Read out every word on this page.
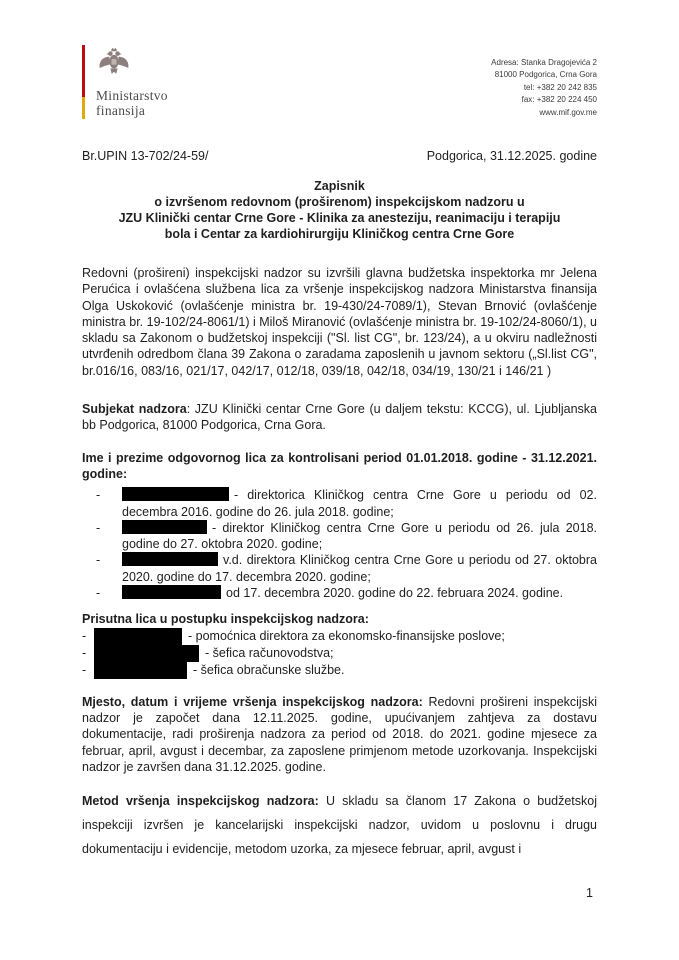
Ministarstvo
finansija
Adresa: Stanka Dragojevića 2
81000 Podgorica, Crna Gora
tel: +382 20 242 835
fax: +382 20 224 450
www.mif.gov.me
Br.UPIN 13-702/24-59/	Podgorica, 31.12.2025. godine
Zapisnik
o izvršenom redovnom (proširenom) inspekcijskom nadzoru u
JZU Klinički centar Crne Gore - Klinika za anesteziju, reanimaciju i terapiju
bola i Centar za kardiohirurgiju Kliničkog centra Crne Gore
Redovni (prošireni) inspekcijski nadzor su izvršili glavna budžetska inspektorka mr Jelena Perućica i ovlašćena službena lica za vršenje inspekcijskog nadzora Ministarstva finansija Olga Uskoković (ovlašćenje ministra br. 19-430/24-7089/1), Stevan Brnović (ovlašćenje ministra br. 19-102/24-8061/1) i Miloš Miranović (ovlašćenje ministra br. 19-102/24-8060/1), u skladu sa Zakonom o budžetskoj inspekciji ("Sl. list CG", br. 123/24), a u okviru nadležnosti utvrđenih odredbom člana 39 Zakona o zaradama zaposlenih u javnom sektoru („Sl.list CG", br.016/16, 083/16, 021/17, 042/17, 012/18, 039/18, 042/18, 034/19, 130/21 i 146/21 )
Subjekat nadzora: JZU Klinički centar Crne Gore (u daljem tekstu: KCCG), ul. Ljubljanska bb Podgorica, 81000 Podgorica, Crna Gora.
Ime i prezime odgovornog lica za kontrolisani period 01.01.2018. godine - 31.12.2021. godine:
-	- direktorica Kliničkog centra Crne Gore u periodu od 02. decembra 2016. godine do 26. jula 2018. godine;
-	- direktor Kliničkog centra Crne Gore u periodu od 26. jula 2018. godine do 27. oktobra 2020. godine;
-	v.d. direktora Kliničkog centra Crne Gore u periodu od 27. oktobra 2020. godine do 17. decembra 2020. godine;
-	od 17. decembra 2020. godine do 22. februara 2024. godine.
Prisutna lica u postupku inspekcijskog nadzora:
-	- pomoćnica direktora za ekonomsko-finansijske poslove;
-	- šefica računovodstva;
-	- šefica obračunske službe.
Mjesto, datum i vrijeme vršenja inspekcijskog nadzora: Redovni prošireni inspekcijski nadzor je započet dana 12.11.2025. godine, upućivanjem zahtjeva za dostavu dokumentacije, radi proširenja nadzora za period od 2018. do 2021. godine mjesece za februar, april, avgust i decembar, za zaposlene primjenom metode uzorkovanja. Inspekcijski nadzor je završen dana 31.12.2025. godine.
Metod vršenja inspekcijskog nadzora: U skladu sa članom 17 Zakona o budžetskoj inspekciji izvršen je kancelarijski inspekcijski nadzor, uvidom u poslovnu i drugu dokumentaciju i evidencije, metodom uzorka, za mjesece februar, april, avgust i
1
